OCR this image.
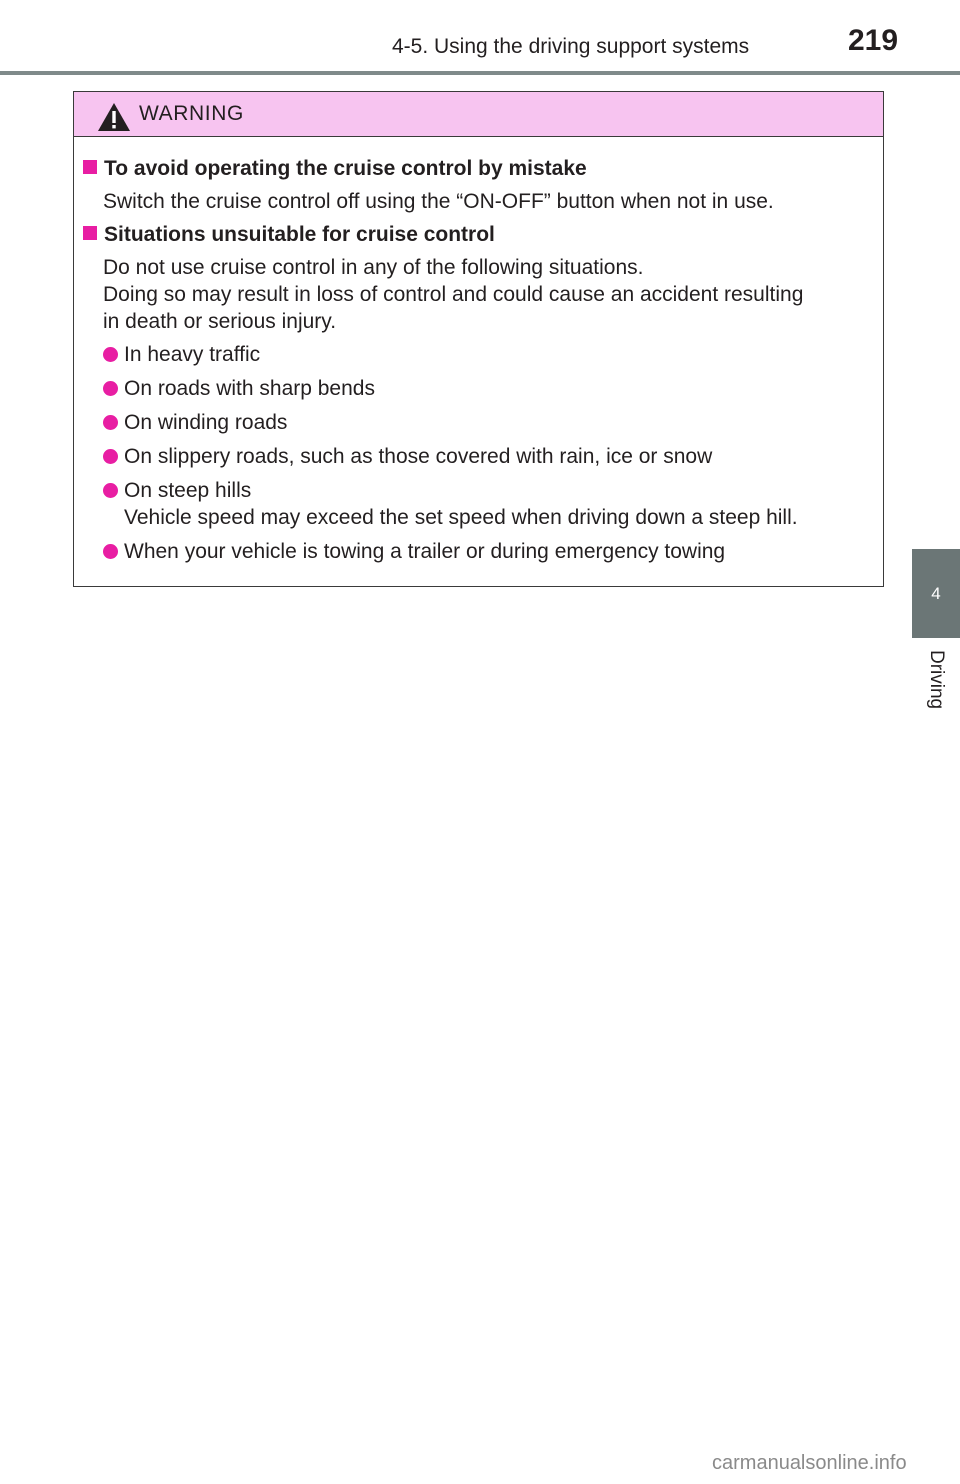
4-5. Using the driving support systems	219
4
Driving
WARNING
To avoid operating the cruise control by mistake
Switch the cruise control off using the “ON-OFF” button when not in use.
Situations unsuitable for cruise control
Do not use cruise control in any of the following situations.
Doing so may result in loss of control and could cause an accident resulting
in death or serious injury.
In heavy traffic
On roads with sharp bends
On winding roads
On slippery roads, such as those covered with rain, ice or snow
On steep hills
Vehicle speed may exceed the set speed when driving down a steep hill.
When your vehicle is towing a trailer or during emergency towing
carmanualsonline.info
